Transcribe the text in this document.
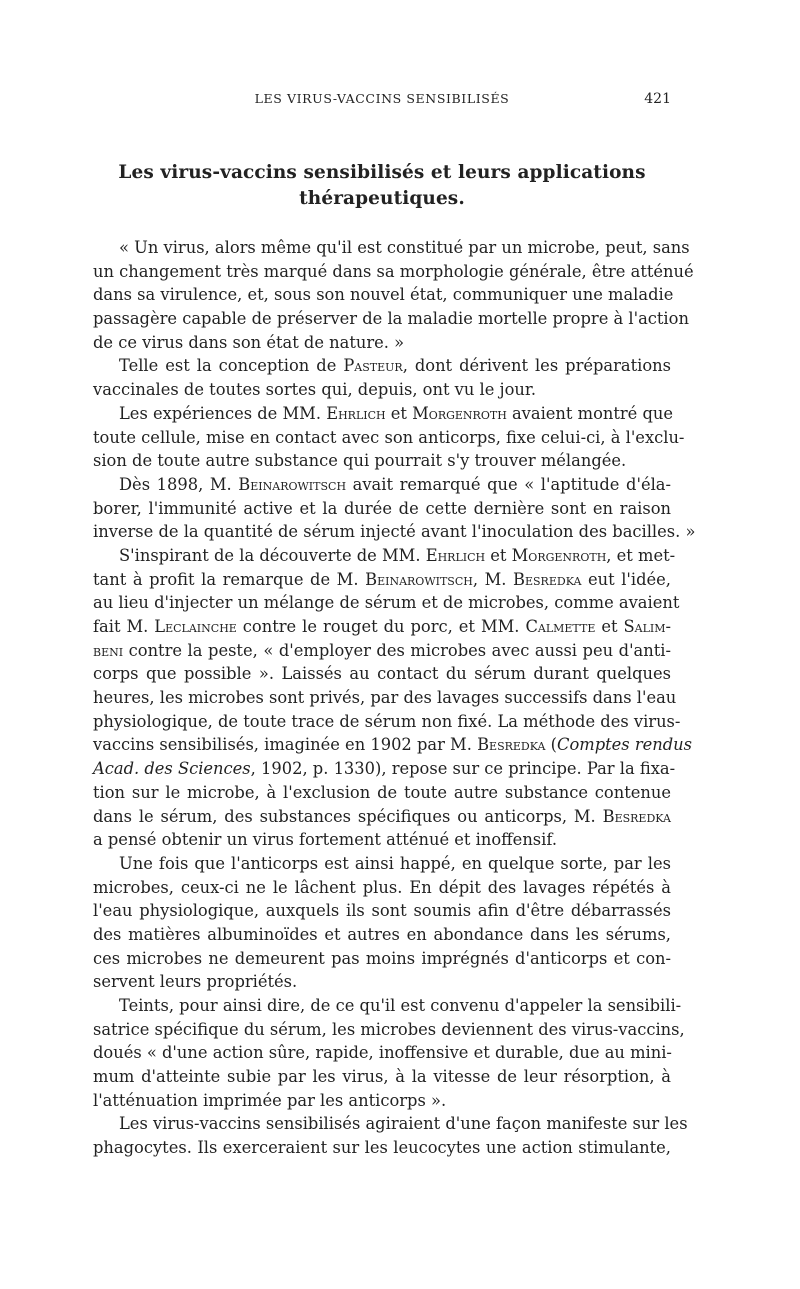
LES VIRUS-VACCINS SENSIBILISÉS	421
Les virus-vaccins sensibilisés et leurs applications
thérapeutiques.
« Un virus, alors même qu'il est constitué par un microbe, peut, sans
un changement très marqué dans sa morphologie générale, être atténué
dans sa virulence, et, sous son nouvel état, communiquer une maladie
passagère capable de préserver de la maladie mortelle propre à l'action
de ce virus dans son état de nature. »
Telle est la conception de Pasteur, dont dérivent les préparations
vaccinales de toutes sortes qui, depuis, ont vu le jour.
Les expériences de MM. Ehrlich et Morgenroth avaient montré que
toute cellule, mise en contact avec son anticorps, fixe celui-ci, à l'exclu-
sion de toute autre substance qui pourrait s'y trouver mélangée.
Dès 1898, M. Beinarowitsch avait remarqué que « l'aptitude d'éla-
borer, l'immunité active et la durée de cette dernière sont en raison
inverse de la quantité de sérum injecté avant l'inoculation des bacilles. »
S'inspirant de la découverte de MM. Ehrlich et Morgenroth, et met-
tant à profit la remarque de M. Beinarowitsch, M. Besredka eut l'idée,
au lieu d'injecter un mélange de sérum et de microbes, comme avaient
fait M. Leclainche contre le rouget du porc, et MM. Calmette et Salim-
beni contre la peste, « d'employer des microbes avec aussi peu d'anti-
corps que possible ». Laissés au contact du sérum durant quelques
heures, les microbes sont privés, par des lavages successifs dans l'eau
physiologique, de toute trace de sérum non fixé. La méthode des virus-
vaccins sensibilisés, imaginée en 1902 par M. Besredka (Comptes rendus
Acad. des Sciences, 1902, p. 1330), repose sur ce principe. Par la fixa-
tion sur le microbe, à l'exclusion de toute autre substance contenue
dans le sérum, des substances spécifiques ou anticorps, M. Besredka
a pensé obtenir un virus fortement atténué et inoffensif.
Une fois que l'anticorps est ainsi happé, en quelque sorte, par les
microbes, ceux-ci ne le lâchent plus. En dépit des lavages répétés à
l'eau physiologique, auxquels ils sont soumis afin d'être débarrassés
des matières albuminoïdes et autres en abondance dans les sérums,
ces microbes ne demeurent pas moins imprégnés d'anticorps et con-
servent leurs propriétés.
Teints, pour ainsi dire, de ce qu'il est convenu d'appeler la sensibili-
satrice spécifique du sérum, les microbes deviennent des virus-vaccins,
doués « d'une action sûre, rapide, inoffensive et durable, due au mini-
mum d'atteinte subie par les virus, à la vitesse de leur résorption, à
l'atténuation imprimée par les anticorps ».
Les virus-vaccins sensibilisés agiraient d'une façon manifeste sur les
phagocytes. Ils exerceraient sur les leucocytes une action stimulante,
